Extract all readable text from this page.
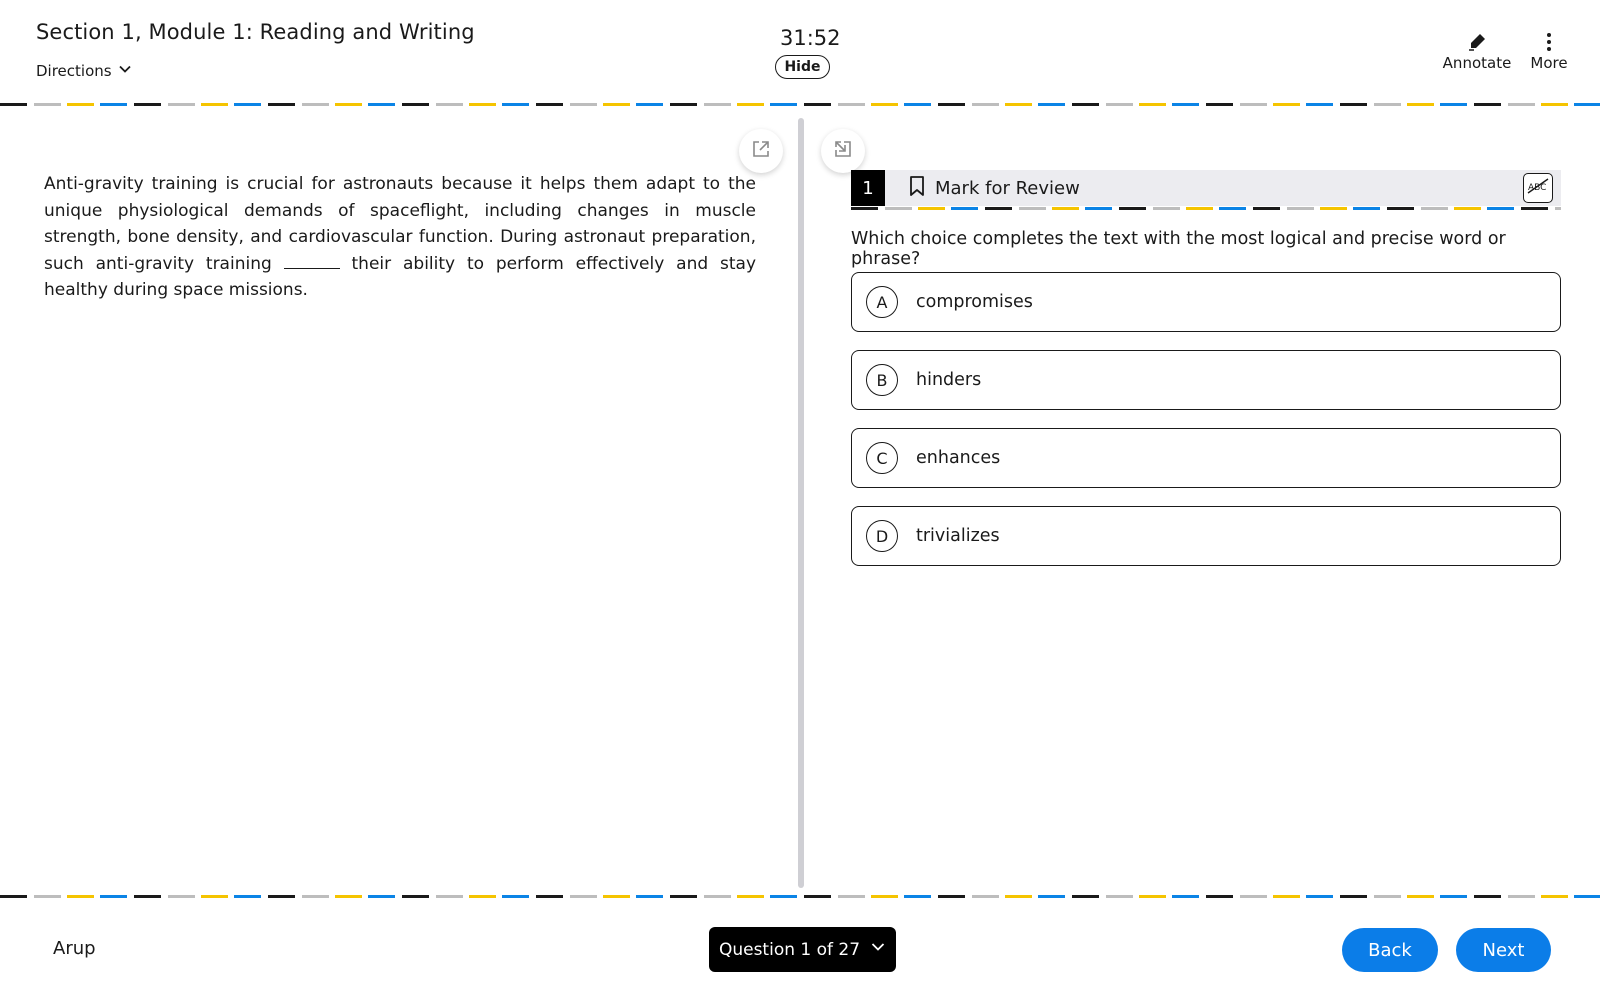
Section 1, Module 1: Reading and Writing
Directions
31:52
Hide	Annotate More
Anti-gravity training is crucial for astronauts because it helps them adapt to the unique physiological demands of spaceflight, including changes in muscle strength, bone density, and cardiovascular function. During astronaut preparation, such anti-gravity training	their ability to perform effectively and stay healthy during space missions.
1	Mark for Review	ABC
Which choice completes the text with the most logical and precise word or phrase?
A	compromises
B	hinders
C	enhances
D	trivializes
Arup	Question 1 of 27	Back	Next
